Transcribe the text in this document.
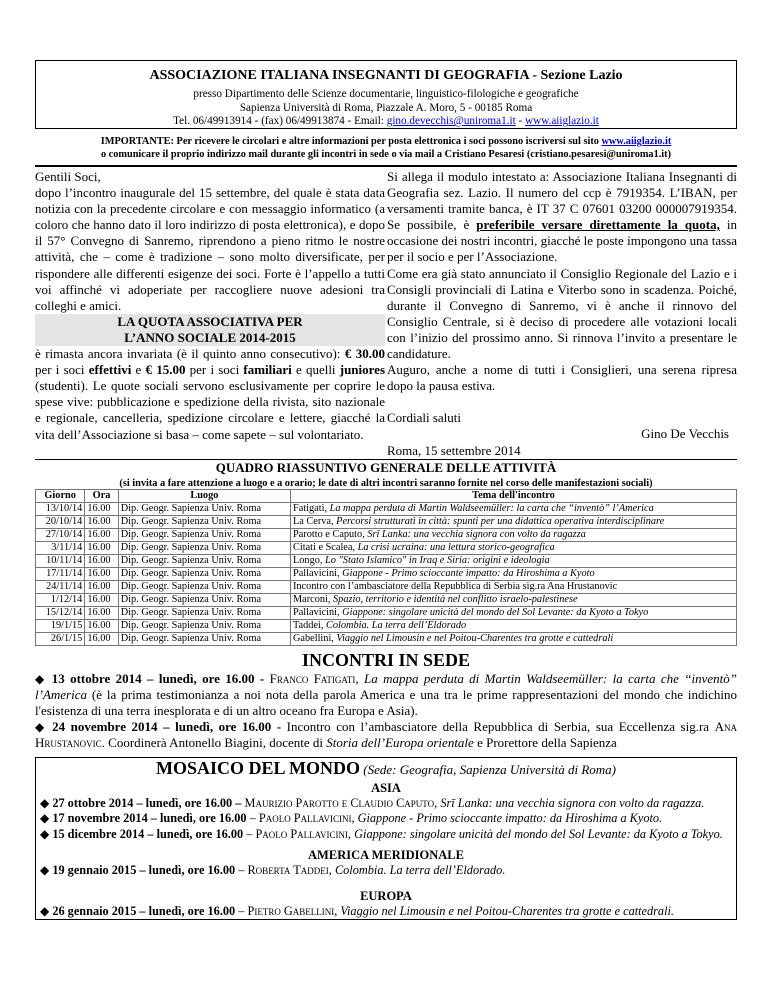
ASSOCIAZIONE ITALIANA INSEGNANTI DI GEOGRAFIA - Sezione Lazio
presso Dipartimento delle Scienze documentarie, linguistico-filologiche e geografiche
Sapienza Università di Roma, Piazzale A. Moro, 5 - 00185 Roma
Tel. 06/49913914 - (fax) 06/49913874 - Email: gino.devecchis@uniroma1.it - www.aiiglazio.it
IMPORTANTE: Per ricevere le circolari e altre informazioni per posta elettronica i soci possono iscriversi sul sito www.aiiglazio.it
o comunicare il proprio indirizzo mail durante gli incontri in sede o via mail a Cristiano Pesaresi (cristiano.pesaresi@uniroma1.it)

Gentili Soci,

dopo l’incontro inaugurale del 15 settembre, del quale è stata data notizia con la precedente circolare e con messaggio informatico (a coloro che hanno dato il loro indirizzo di posta elettronica), e dopo il 57° Convegno di Sanremo, riprendono a pieno ritmo le nostre attività, che – come è tradizione – sono molto diversificate, per rispondere alle differenti esigenze dei soci. Forte è l’appello a tutti voi affinché vi adoperiate per raccogliere nuove adesioni tra colleghi e amici.

LA QUOTA ASSOCIATIVA PER
L’ANNO SOCIALE 2014-2015

è rimasta ancora invariata (è il quinto anno consecutivo): € 30.00 per i soci effettivi e € 15.00 per i soci familiari e quelli juniores (studenti). Le quote sociali servono esclusivamente per coprire le spese vive: pubblicazione e spedizione della rivista, sito nazionale e regionale, cancelleria, spedizione circolare e lettere, giacché la vita dell’Associazione si basa – come sapete – sul volontariato.

Si allega il modulo intestato a: Associazione Italiana Insegnanti di Geografia sez. Lazio. Il numero del ccp è 7919354. L’IBAN, per versamenti tramite banca, è IT 37 C 07601 03200 000007919354. Se possibile, è preferibile versare direttamente la quota, in occasione dei nostri incontri, giacché le poste impongono una tassa per il socio e per l’Associazione.

Come era già stato annunciato il Consiglio Regionale del Lazio e i Consigli provinciali di Latina e Viterbo sono in scadenza. Poiché, durante il Convegno di Sanremo, vi è anche il rinnovo del Consiglio Centrale, si è deciso di procedere alle votazioni locali con l’inizio del prossimo anno. Si rinnova l’invito a presentare le candidature.

Auguro, anche a nome di tutti i Consiglieri, una serena ripresa dopo la pausa estiva.

Cordiali saluti

Gino De Vecchis

Roma, 15 settembre 2014

QUADRO RIASSUNTIVO GENERALE DELLE ATTIVITÀ
(si invita a fare attenzione a luogo e a orario; le date di altri incontri saranno fornite nel corso delle manifestazioni sociali)
Giorno	Ora	Luogo	Tema dell'incontro
13/10/14	16.00	Dip. Geogr. Sapienza Univ. Roma	Fatigati, La mappa perduta di Martin Waldseemüller: la carta che “inventò” l’America
20/10/14	16.00	Dip. Geogr. Sapienza Univ. Roma	La Cerva, Percorsi strutturati in città: spunti per una didattica operativa interdisciplinare
27/10/14	16.00	Dip. Geogr. Sapienza Univ. Roma	Parotto e Caputo, Srī Lanka: una vecchia signora con volto da ragazza
3/11/14	16.00	Dip. Geogr. Sapienza Univ. Roma	Citati e Scalea, La crisi ucraina: una lettura storico-geografica
10/11/14	16.00	Dip. Geogr. Sapienza Univ. Roma	Longo, Lo "Stato Islamico" in Iraq e Siria: origini e ideologia
17/11/14	16.00	Dip. Geogr. Sapienza Univ. Roma	Pallavicini, Giappone - Primo scioccante impatto: da Hiroshima a Kyoto
24/11/14	16.00	Dip. Geogr. Sapienza Univ. Roma	Incontro con l’ambasciatore della Repubblica di Serbia sig.ra Ana Hrustanovic
1/12/14	16.00	Dip. Geogr. Sapienza Univ. Roma	Marconi, Spazio, territorio e identità nel conflitto israelo-palestinese
15/12/14	16.00	Dip. Geogr. Sapienza Univ. Roma	Pallavicini, Giappone: singolare unicità del mondo del Sol Levante: da Kyoto a Tokyo
19/1/15	16.00	Dip. Geogr. Sapienza Univ. Roma	Taddei, Colombia. La terra dell’Eldorado
26/1/15	16.00	Dip. Geogr. Sapienza Univ. Roma	Gabellini, Viaggio nel Limousin e nel Poitou-Charentes tra grotte e cattedrali
INCONTRI IN SEDE
◆ 13 ottobre 2014 – lunedì, ore 16.00 - Franco Fatigati, La mappa perduta di Martin Waldseemüller: la carta che “inventò” l’America (è la prima testimonianza a noi nota della parola America e una tra le prime rappresentazioni del mondo che indichino l'esistenza di una terra inesplorata e di un altro oceano fra Europa e Asia).
◆ 24 novembre 2014 – lunedì, ore 16.00 - Incontro con l’ambasciatore della Repubblica di Serbia, sua Eccellenza sig.ra Ana Hrustanovic. Coordinerà Antonello Biagini, docente di Storia dell’Europa orientale e Prorettore della Sapienza
MOSAICO DEL MONDO (Sede: Geografia, Sapienza Università di Roma)
ASIA
◆ 27 ottobre 2014 – lunedì, ore 16.00 – Maurizio Parotto e Claudio Caputo, Srī Lanka: una vecchia signora con volto da ragazza.
◆ 17 novembre 2014 – lunedì, ore 16.00 – Paolo Pallavicini, Giappone - Primo scioccante impatto: da Hiroshima a Kyoto.
◆ 15 dicembre 2014 – lunedì, ore 16.00 – Paolo Pallavicini, Giappone: singolare unicità del mondo del Sol Levante: da Kyoto a Tokyo.
AMERICA MERIDIONALE
◆ 19 gennaio 2015 – lunedì, ore 16.00 – Roberta Taddei, Colombia. La terra dell’Eldorado.
EUROPA
◆ 26 gennaio 2015 – lunedì, ore 16.00 – Pietro Gabellini, Viaggio nel Limousin e nel Poitou-Charentes tra grotte e cattedrali.
